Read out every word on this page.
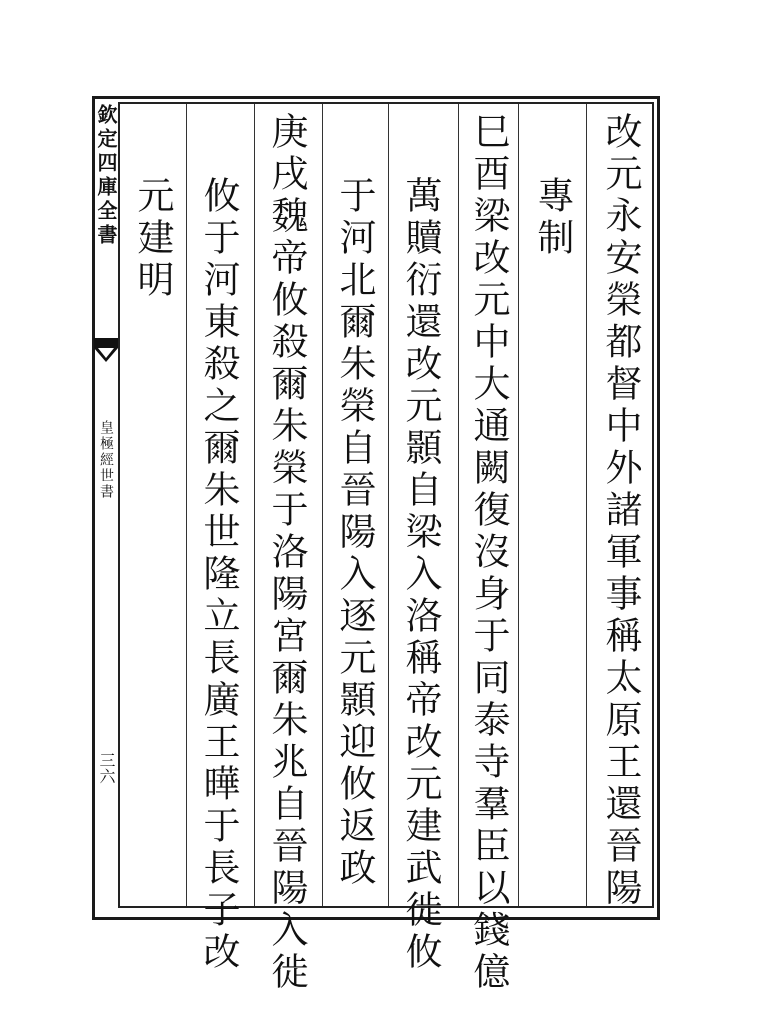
欽定四庫全書
皇極經世書
三六	改元永安榮都督中外諸軍事稱太原王還晉陽
專制
巳酉梁改元中大通闕復沒身于同泰寺羣臣以錢億
萬贖衍還改元顥自梁入洛稱帝改元建武徙攸
于河北爾朱榮自晉陽入逐元顥迎攸返政
庚戌魏帝攸殺爾朱榮于洛陽宮爾朱兆自晉陽入徙
攸于河東殺之爾朱世隆立長廣王曄于長子改
元建明
